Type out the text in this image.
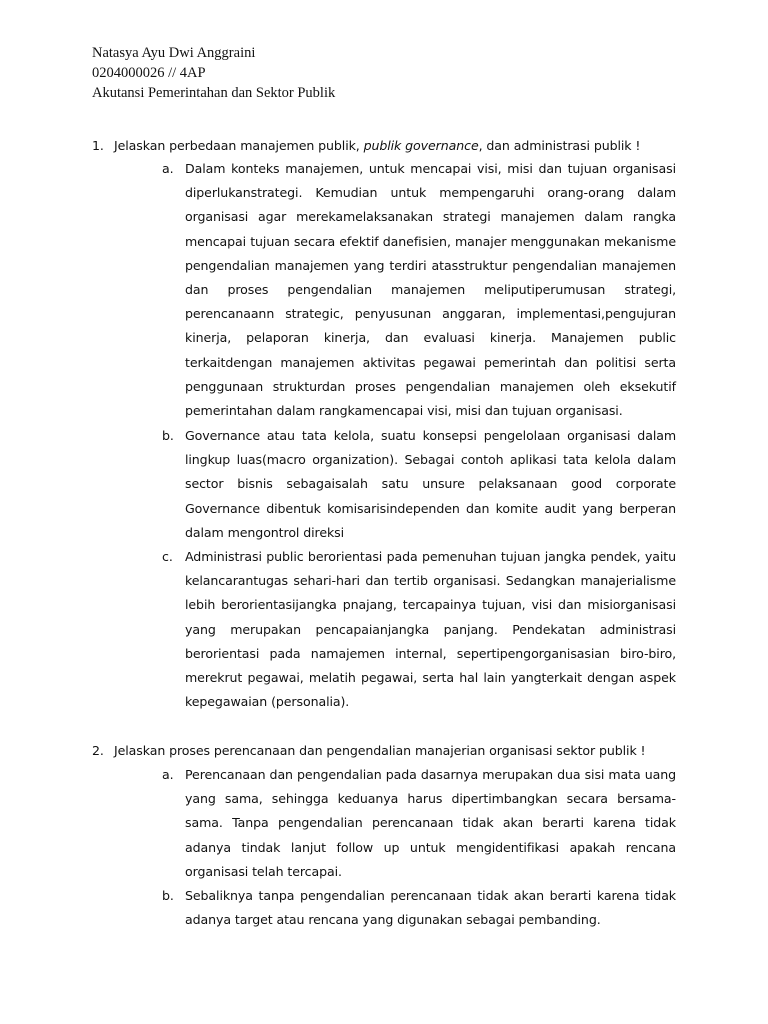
Natasya Ayu Dwi Anggraini
0204000026 // 4AP
Akutansi Pemerintahan dan Sektor Publik
1. Jelaskan perbedaan manajemen publik, publik governance, dan administrasi publik !
a. Dalam konteks manajemen, untuk mencapai visi, misi dan tujuan organisasi diperlukanstrategi. Kemudian untuk mempengaruhi orang-orang dalam organisasi agar merekamelaksanakan strategi manajemen dalam rangka mencapai tujuan secara efektif danefisien, manajer menggunakan mekanisme pengendalian manajemen yang terdiri atasstruktur pengendalian manajemen dan proses pengendalian manajemen meliputiperumusan strategi, perencanaann strategic, penyusunan anggaran, implementasi,pengujuran kinerja, pelaporan kinerja, dan evaluasi kinerja. Manajemen public terkaitdengan manajemen aktivitas pegawai pemerintah dan politisi serta penggunaan strukturdan proses pengendalian manajemen oleh eksekutif pemerintahan dalam rangkamencapai visi, misi dan tujuan organisasi.
b. Governance atau tata kelola, suatu konsepsi pengelolaan organisasi dalam lingkup luas(macro organization). Sebagai contoh aplikasi tata kelola dalam sector bisnis sebagaisalah satu unsure pelaksanaan good corporate Governance dibentuk komisarisindependen dan komite audit yang berperan dalam mengontrol direksi
c. Administrasi public berorientasi pada pemenuhan tujuan jangka pendek, yaitu kelancarantugas sehari-hari dan tertib organisasi. Sedangkan manajerialisme lebih berorientasijangka pnajang, tercapainya tujuan, visi dan misiorganisasi yang merupakan pencapaianjangka panjang. Pendekatan administrasi berorientasi pada namajemen internal, sepertipengorganisasian biro-biro, merekrut pegawai, melatih pegawai, serta hal lain yangterkait dengan aspek kepegawaian (personalia).
2. Jelaskan proses perencanaan dan pengendalian manajerian organisasi sektor publik !
a. Perencanaan dan pengendalian pada dasarnya merupakan dua sisi mata uang yang sama, sehingga keduanya harus dipertimbangkan secara bersama-sama. Tanpa pengendalian perencanaan tidak akan berarti karena tidak adanya tindak lanjut follow up untuk mengidentifikasi apakah rencana organisasi telah tercapai.
b. Sebaliknya tanpa pengendalian perencanaan tidak akan berarti karena tidak adanya target atau rencana yang digunakan sebagai pembanding.
